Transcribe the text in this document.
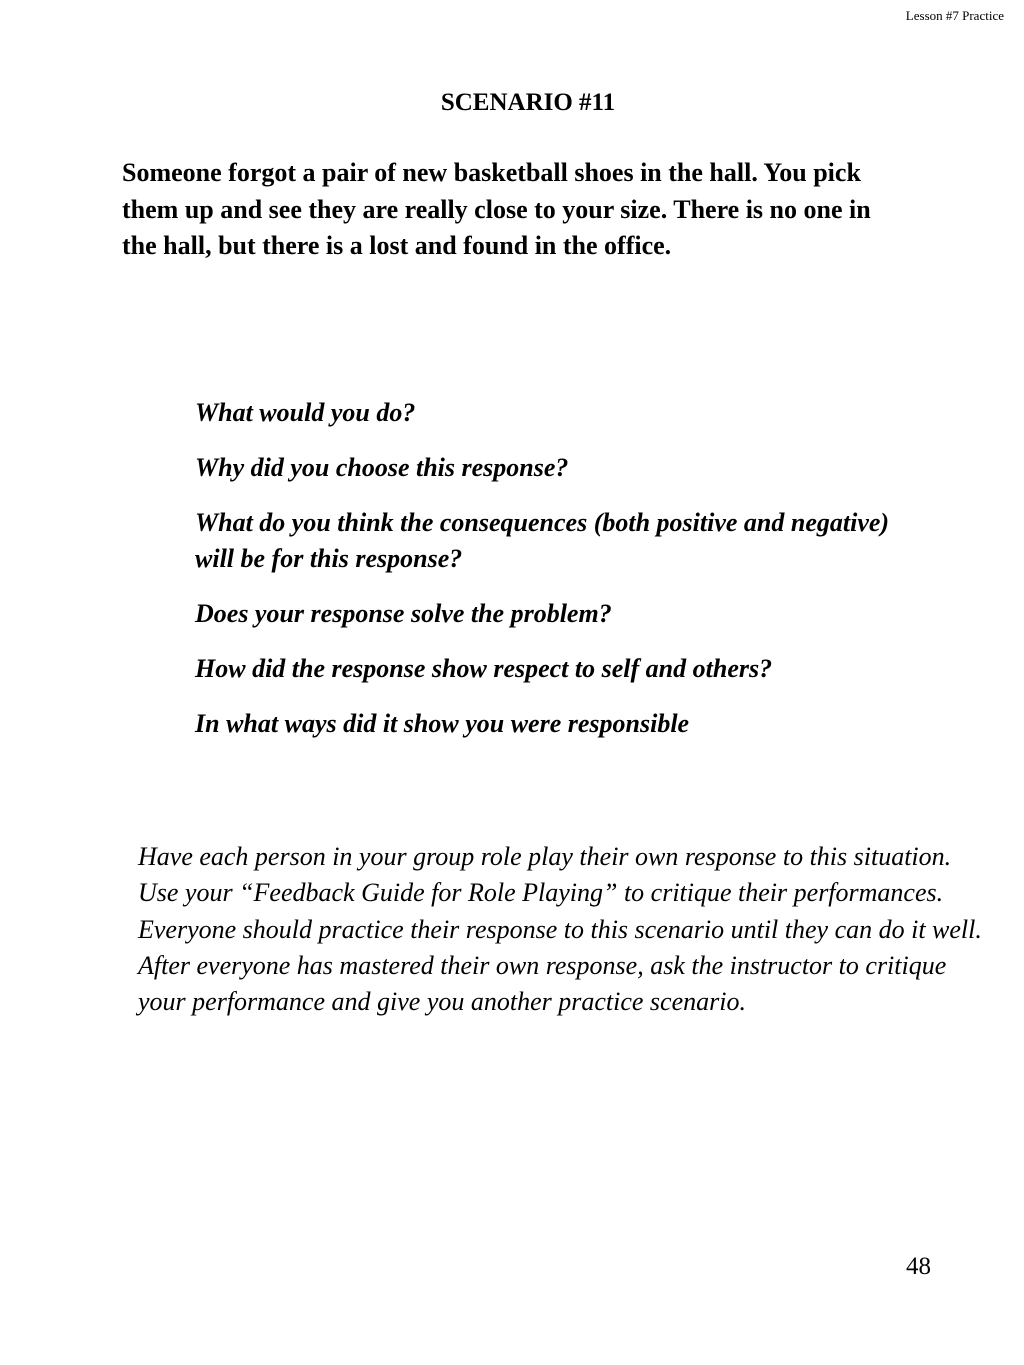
Lesson #7 Practice
SCENARIO #11

Someone forgot a pair of new basketball shoes in the hall. You pick them up and see they are really close to your size. There is no one in the hall, but there is a lost and found in the office.

What would you do?
Why did you choose this response?
What do you think the consequences (both positive and negative) will be for this response?
Does your response solve the problem?
How did the response show respect to self and others?
In what ways did it show you were responsible

Have each person in your group role play their own response to this situation. Use your “Feedback Guide for Role Playing” to critique their performances. Everyone should practice their response to this scenario until they can do it well. After everyone has mastered their own response, ask the instructor to critique your performance and give you another practice scenario.

48
